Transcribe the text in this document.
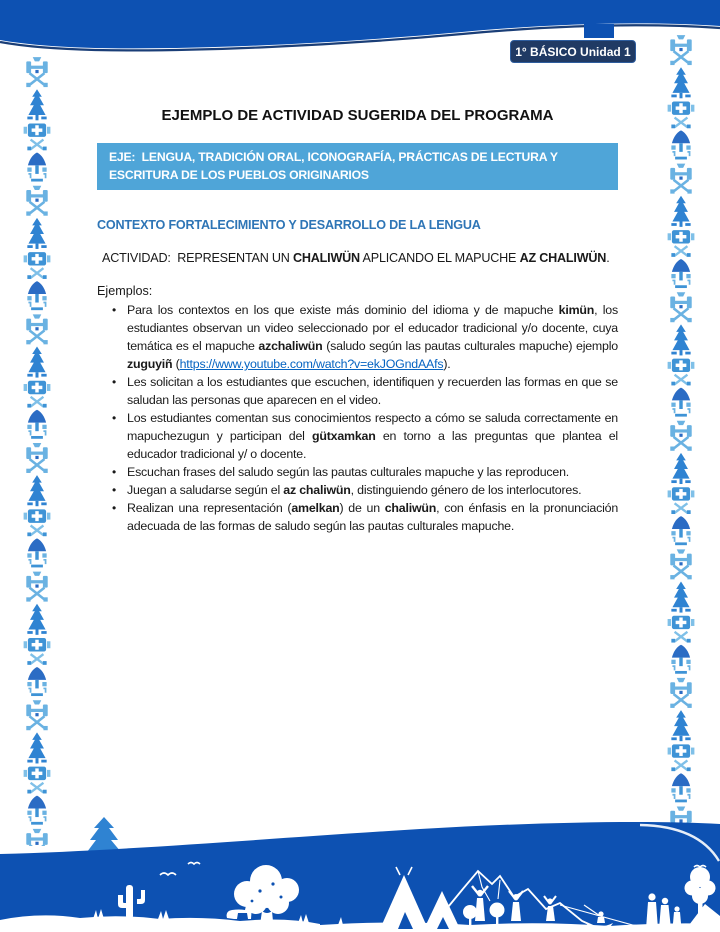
1° BÁSICO Unidad 1
EJEMPLO DE ACTIVIDAD SUGERIDA DEL PROGRAMA
EJE:  LENGUA, TRADICIÓN ORAL, ICONOGRAFÍA, PRÁCTICAS DE LECTURA Y ESCRITURA DE LOS PUEBLOS ORIGINARIOS
CONTEXTO FORTALECIMIENTO Y DESARROLLO DE LA LENGUA
ACTIVIDAD:  REPRESENTAN UN CHALIWÜN APLICANDO EL MAPUCHE AZ CHALIWÜN.
Ejemplos:
• Para los contextos en los que existe más dominio del idioma y de mapuche kimün, los estudiantes observan un video seleccionado por el educador tradicional y/o docente, cuya temática es el mapuche azchaliwün (saludo según las pautas culturales mapuche) ejemplo zuguyiñ (https://www.youtube.com/watch?v=ekJOGndAAfs).
• Les solicitan a los estudiantes que escuchen, identifiquen y recuerden las formas en que se saludan las personas que aparecen en el video.
• Los estudiantes comentan sus conocimientos respecto a cómo se saluda correctamente en mapuchezugun y participan del gütxamkan en torno a las preguntas que plantea el educador tradicional y/ o docente.
• Escuchan frases del saludo según las pautas culturales mapuche y las reproducen.
• Juegan a saludarse según el az chaliwün, distinguiendo género de los interlocutores.
• Realizan una representación (amelkan) de un chaliwün, con énfasis en la pronunciación adecuada de las formas de saludo según las pautas culturales mapuche.
